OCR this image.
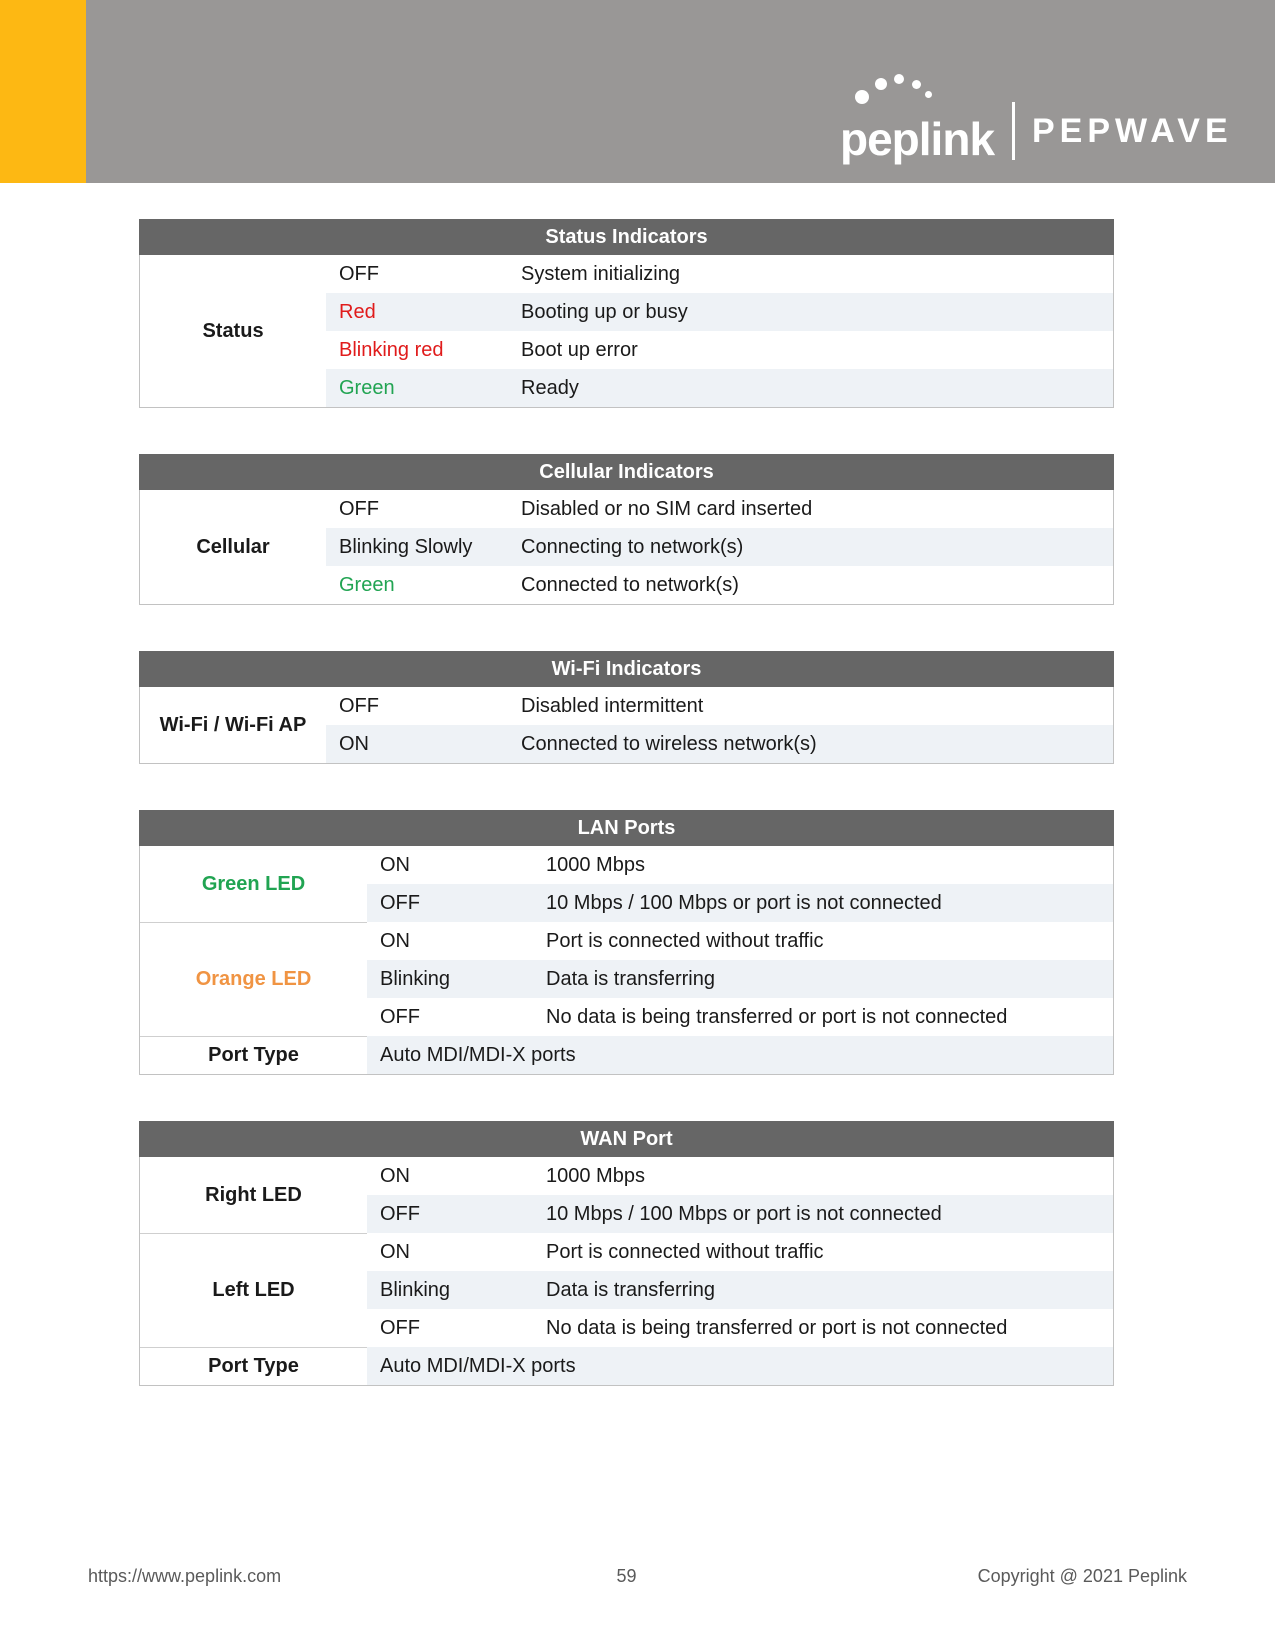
peplink PEPWAVE
Status Indicators
Status
OFF	System initializing
Red	Booting up or busy
Blinking red	Boot up error
Green	Ready
Cellular Indicators
Cellular
OFF	Disabled or no SIM card inserted
Blinking Slowly	Connecting to network(s)
Green	Connected to network(s)
Wi-Fi Indicators
Wi-Fi / Wi-Fi AP
OFF	Disabled intermittent
ON	Connected to wireless network(s)
LAN Ports
Green LED
ON	1000 Mbps
OFF	10 Mbps / 100 Mbps or port is not connected
Orange LED
ON	Port is connected without traffic
Blinking	Data is transferring
OFF	No data is being transferred or port is not connected
Port Type	Auto MDI/MDI-X ports
WAN Port
Right LED
ON	1000 Mbps
OFF	10 Mbps / 100 Mbps or port is not connected
Left LED
ON	Port is connected without traffic
Blinking	Data is transferring
OFF	No data is being transferred or port is not connected
Port Type	Auto MDI/MDI-X ports
https://www.peplink.com	59	Copyright @ 2021 Peplink
